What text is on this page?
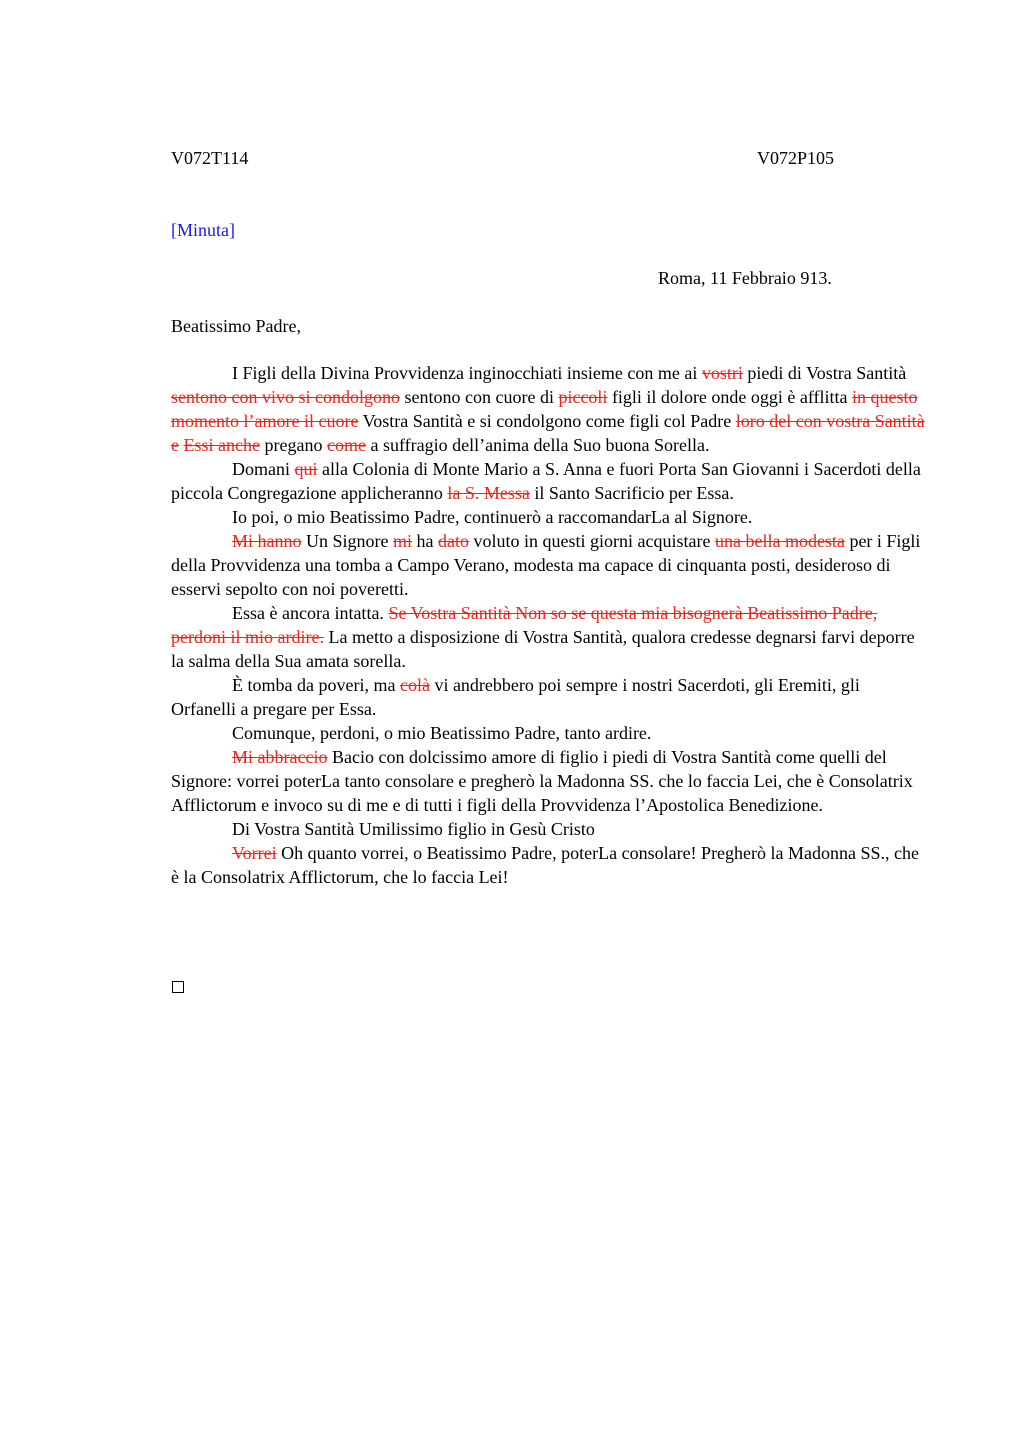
V072T114	V072P105
[Minuta]
Roma, 11 Febbraio 913.
Beatissimo Padre,

I Figli della Divina Provvidenza inginocchiati insieme con me ai vostri piedi di Vostra Santità sentono con vivo si condolgono sentono con cuore di piccoli figli il dolore onde oggi è afflitta in questo momento l’amore il cuore Vostra Santità e si condolgono come figli col Padre loro del con vostra Santità e Essi anche pregano come a suffragio dell’anima della Suo buona Sorella.

Domani qui alla Colonia di Monte Mario a S. Anna e fuori Porta San Giovanni i Sacerdoti della piccola Congregazione applicheranno la S. Messa il Santo Sacrificio per Essa.

Io poi, o mio Beatissimo Padre, continuerò a raccomandarLa al Signore.

Mi hanno Un Signore mi ha dato voluto in questi giorni acquistare una bella modesta per i Figli della Provvidenza una tomba a Campo Verano, modesta ma capace di cinquanta posti, desideroso di esservi sepolto con noi poveretti.

Essa è ancora intatta. Se Vostra Santità Non so se questa mia bisognerà Beatissimo Padre, perdoni il mio ardire. La metto a disposizione di Vostra Santità, qualora credesse degnarsi farvi deporre la salma della Sua amata sorella.

È tomba da poveri, ma colà vi andrebbero poi sempre i nostri Sacerdoti, gli Eremiti, gli Orfanelli a pregare per Essa.

Comunque, perdoni, o mio Beatissimo Padre, tanto ardire.

Mi abbraccio Bacio con dolcissimo amore di figlio i piedi di Vostra Santità come quelli del Signore: vorrei poterLa tanto consolare e pregherò la Madonna SS. che lo faccia Lei, che è Consolatrix Afflictorum e invoco su di me e di tutti i figli della Provvidenza l’Apostolica Benedizione.

Di Vostra Santità Umilissimo figlio in Gesù Cristo

Vorrei Oh quanto vorrei, o Beatissimo Padre, poterLa consolare! Pregherò la Madonna SS., che è la Consolatrix Afflictorum, che lo faccia Lei!
